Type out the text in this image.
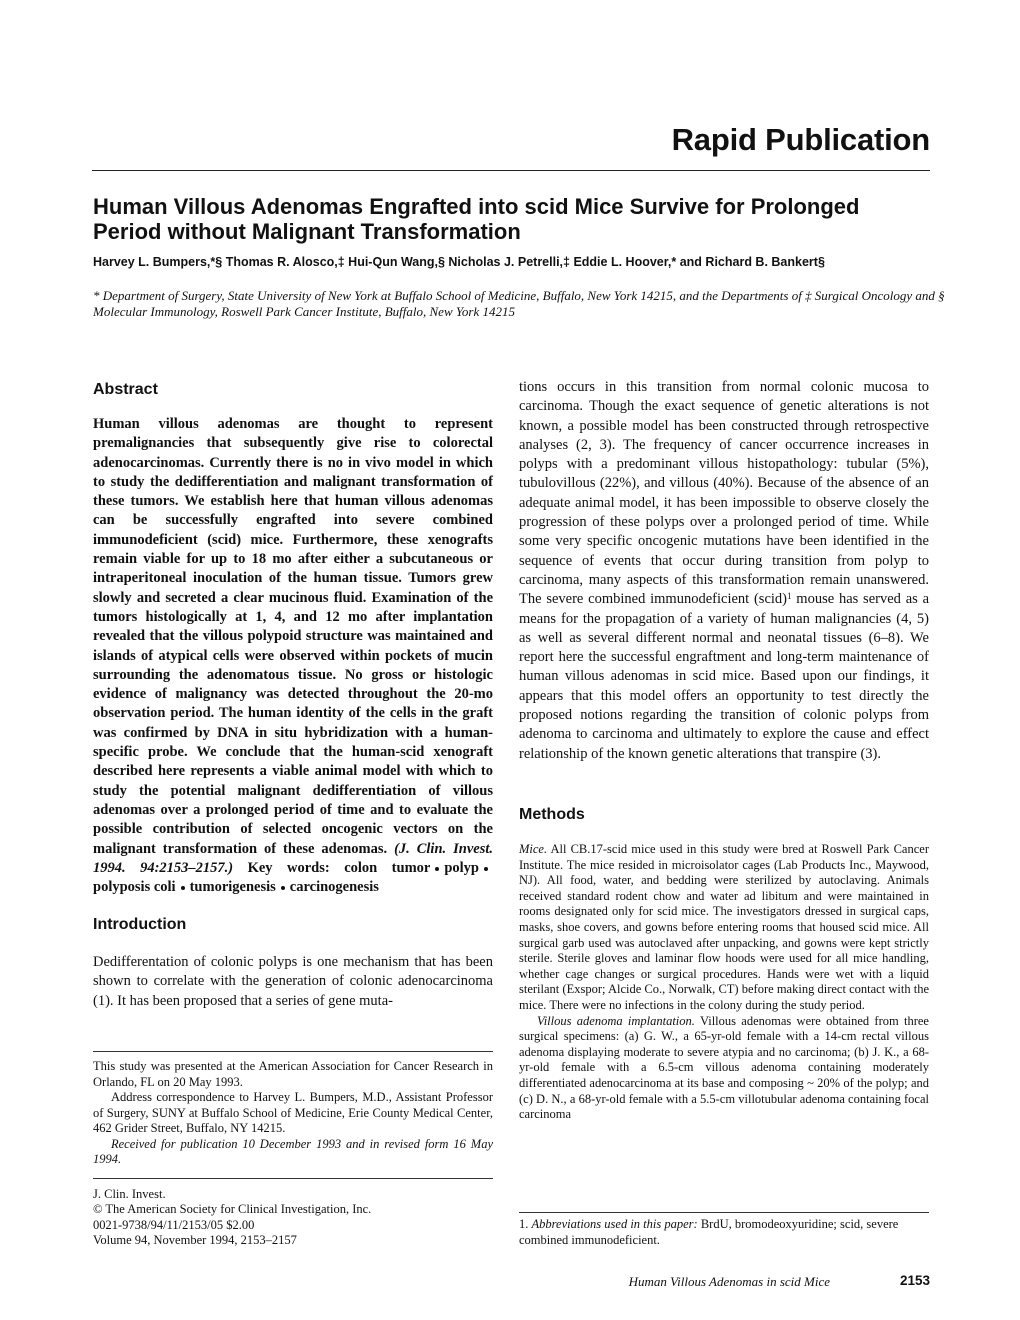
Rapid Publication
Human Villous Adenomas Engrafted into scid Mice Survive for Prolonged Period without Malignant Transformation
Harvey L. Bumpers,*§ Thomas R. Alosco,‡ Hui-Qun Wang,§ Nicholas J. Petrelli,‡ Eddie L. Hoover,* and Richard B. Bankert§
* Department of Surgery, State University of New York at Buffalo School of Medicine, Buffalo, New York 14215, and the Departments of ‡ Surgical Oncology and § Molecular Immunology, Roswell Park Cancer Institute, Buffalo, New York 14215
Abstract
Human villous adenomas are thought to represent premalignancies that subsequently give rise to colorectal adenocarcinomas. Currently there is no in vivo model in which to study the dedifferentiation and malignant transformation of these tumors. We establish here that human villous adenomas can be successfully engrafted into severe combined immunodeficient (scid) mice. Furthermore, these xenografts remain viable for up to 18 mo after either a subcutaneous or intraperitoneal inoculation of the human tissue. Tumors grew slowly and secreted a clear mucinous fluid. Examination of the tumors histologically at 1, 4, and 12 mo after implantation revealed that the villous polypoid structure was maintained and islands of atypical cells were observed within pockets of mucin surrounding the adenomatous tissue. No gross or histologic evidence of malignancy was detected throughout the 20-mo observation period. The human identity of the cells in the graft was confirmed by DNA in situ hybridization with a human-specific probe. We conclude that the human-scid xenograft described here represents a viable animal model with which to study the potential malignant dedifferentiation of villous adenomas over a prolonged period of time and to evaluate the possible contribution of selected oncogenic vectors on the malignant transformation of these adenomas. (J. Clin. Invest. 1994. 94:2153–2157.) Key words: colon tumor polyppolyposis coli tumorigenesis carcinogenesis
Introduction
Dedifferentation of colonic polyps is one mechanism that has been shown to correlate with the generation of colonic adenocarcinoma (1). It has been proposed that a series of gene muta-

This study was presented at the American Association for Cancer Research in Orlando, FL on 20 May 1993.

Address correspondence to Harvey L. Bumpers, M.D., Assistant Professor of Surgery, SUNY at Buffalo School of Medicine, Erie County Medical Center, 462 Grider Street, Buffalo, NY 14215.

Received for publication 10 December 1993 and in revised form 16 May 1994.

J. Clin. Invest.
© The American Society for Clinical Investigation, Inc.
0021-9738/94/11/2153/05 $2.00
Volume 94, November 1994, 2153–2157
tions occurs in this transition from normal colonic mucosa to carcinoma. Though the exact sequence of genetic alterations is not known, a possible model has been constructed through retrospective analyses (2, 3). The frequency of cancer occurrence increases in polyps with a predominant villous histopathology: tubular (5%), tubulovillous (22%), and villous (40%). Because of the absence of an adequate animal model, it has been impossible to observe closely the progression of these polyps over a prolonged period of time. While some very specific oncogenic mutations have been identified in the sequence of events that occur during transition from polyp to carcinoma, many aspects of this transformation remain unanswered. The severe combined immunodeficient (scid)$^1$ mouse has served as a means for the propagation of a variety of human malignancies (4, 5) as well as several different normal and neonatal tissues (6–8). We report here the successful engraftment and long-term maintenance of human villous adenomas in scid mice. Based upon our findings, it appears that this model offers an opportunity to test directly the proposed notions regarding the transition of colonic polyps from adenoma to carcinoma and ultimately to explore the cause and effect relationship of the known genetic alterations that transpire (3).
Methods

Mice. All CB.17-scid mice used in this study were bred at Roswell Park Cancer Institute. The mice resided in microisolator cages (Lab Products Inc., Maywood, NJ). All food, water, and bedding were sterilized by autoclaving. Animals received standard rodent chow and water ad libitum and were maintained in rooms designated only for scid mice. The investigators dressed in surgical caps, masks, shoe covers, and gowns before entering rooms that housed scid mice. All surgical garb used was autoclaved after unpacking, and gowns were kept strictly sterile. Sterile gloves and laminar flow hoods were used for all mice handling, whether cage changes or surgical procedures. Hands were wet with a liquid sterilant (Exspor; Alcide Co., Norwalk, CT) before making direct contact with the mice. There were no infections in the colony during the study period.

Villous adenoma implantation. Villous adenomas were obtained from three surgical specimens: (a) G. W., a 65-yr-old female with a 14-cm rectal villous adenoma displaying moderate to severe atypia and no carcinoma; (b) J. K., a 68-yr-old female with a 6.5-cm villous adenoma containing moderately differentiated adenocarcinoma at its base and composing ~ 20% of the polyp; and (c) D. N., a 68-yr-old female with a 5.5-cm villotubular adenoma containing focal carcinoma

1. Abbreviations used in this paper: BrdU, bromodeoxyuridine; scid, severe combined immunodeficient.
Human Villous Adenomas in scid Mice	2153
